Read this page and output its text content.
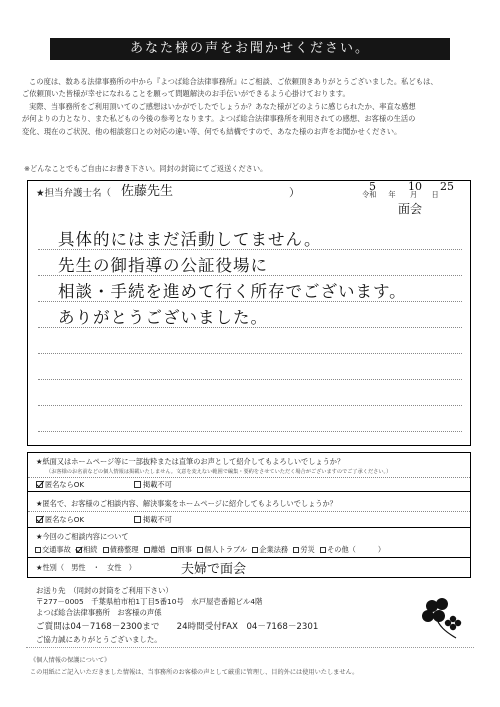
あなた様の声をお聞かせください。

この度は、数ある法律事務所の中から『よつば総合法律事務所』にご相談、ご依頼頂きありがとうございました。私どもは、

ご依頼頂いた皆様が幸せになれることを願って問題解決のお手伝いができるよう心掛けております。

実際、当事務所をご利用頂いてのご感想はいかがでしたでしょうか？あなた様がどのように感じられたか、率直な感想

が何よりの力となり、また私どもの今後の参考となります。よつば総合法律事務所を利用されての感想、お客様の生活の

変化、現在のご状況、他の相談窓口との対応の違い等、何でも結構ですので、あなた様のお声をお聞かせください。

※どんなことでもご自由にお書き下さい。同封の封筒にてご返送ください。
★担当弁護士名（ 佐藤先生	）	令和 年　　月　　日
5	10 25
面会
具体的にはまだ活動してません。
先生の御指導の公証役場に
相談・手続を進めて行く所存でございます。
ありがとうございました。
★紙面又はホームページ等に一部抜粋または直筆のお声として紹介してもよろしいでしょうか？
（お客様のお名前などの個人情報は掲載いたしません。文意を変えない範囲で編集・要約をさせていただく場合がございますのでご了承ください。）
匿名ならOK	掲載不可
★匿名で、お客様のご相談内容、解決事案をホームページに紹介してもよろしいでしょうか？
匿名ならOK	掲載不可
★今回のご相談内容について
交通事故 相続 債務整理 離婚 刑事 個人トラブル 企業法務 労災 その他（	）
★性別（　男性　・　女性　）	夫婦で面会
お送り先　（同封の封筒をご利用下さい）
〒277－0005　千葉県柏市柏1丁目5番10号　水戸屋壱番館ビル4階
よつば総合法律事務所　お客様の声係
ご質問は04－7168－2300まで　　24時間受付FAX　04－7168－2301
ご協力誠にありがとうございました。
《個人情報の保護について》
この用紙にご記入いただきました情報は、当事務所のお客様の声として厳重に管理し、目的外には使用いたしません。
